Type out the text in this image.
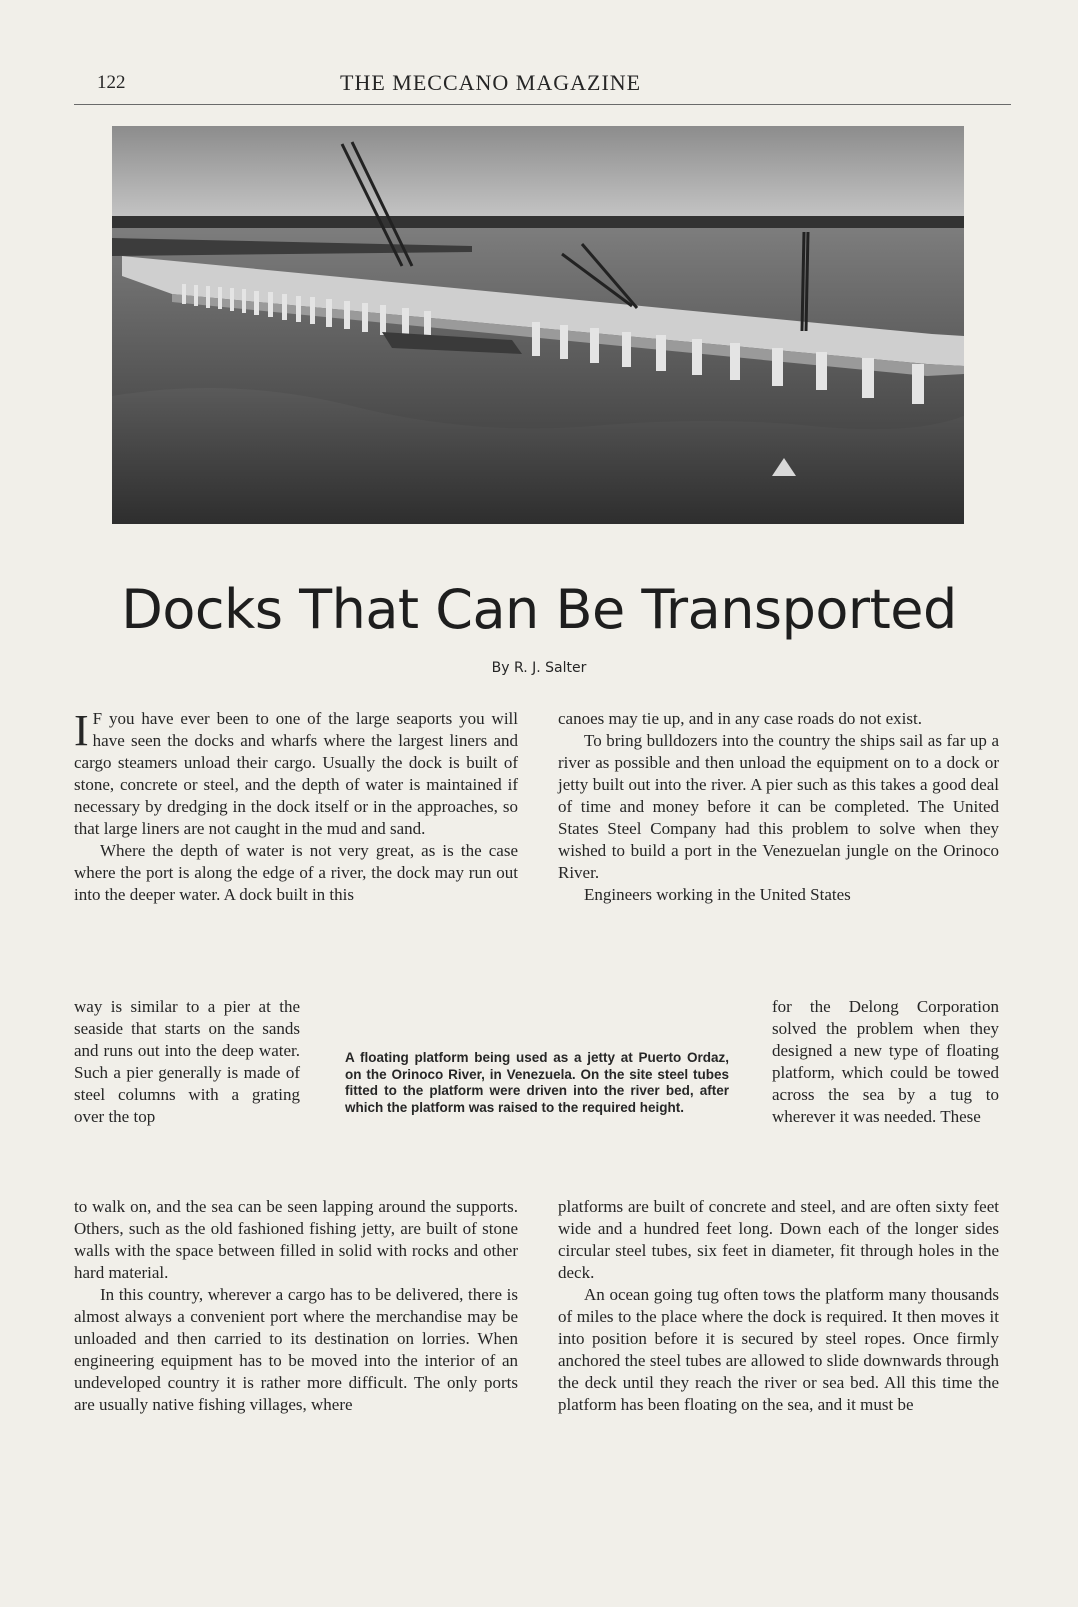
122	THE MECCANO MAGAZINE
Docks That Can Be Transported
By R. J. Salter

I F you have ever been to one of the large seaports you will have seen the docks and wharfs where the largest liners and cargo steamers unload their cargo. Usually the dock is built of stone, concrete or steel, and the depth of water is maintained if necessary by dredging in the dock itself or in the approaches, so that large liners are not caught in the mud and sand.

Where the depth of water is not very great, as is the case where the port is along the edge of a river, the dock may run out into the deeper water. A dock built in this

way is similar to a pier at the seaside that starts on the sands and runs out into the deep water. Such a pier generally is made of steel columns with a grating over the top
A floating platform being used as a jetty at Puerto Ordaz, on the Orinoco River, in Venezuela. On the site steel tubes fitted to the platform were driven into the river bed, after which the platform was raised to the required height.

canoes may tie up, and in any case roads do not exist.

To bring bulldozers into the country the ships sail as far up a river as possible and then unload the equipment on to a dock or jetty built out into the river. A pier such as this takes a good deal of time and money before it can be completed. The United States Steel Company had this problem to solve when they wished to build a port in the Venezuelan jungle on the Orinoco River.

Engineers working in the United States

for the Delong Corporation solved the problem when they designed a new type of floating platform, which could be towed across the sea by a tug to wherever it was needed. These

to walk on, and the sea can be seen lapping around the supports. Others, such as the old fashioned fishing jetty, are built of stone walls with the space between filled in solid with rocks and other hard material.

In this country, wherever a cargo has to be delivered, there is almost always a convenient port where the merchandise may be unloaded and then carried to its destination on lorries. When engineering equipment has to be moved into the interior of an undeveloped country it is rather more difficult. The only ports are usually native fishing villages, where

platforms are built of concrete and steel, and are often sixty feet wide and a hundred feet long. Down each of the longer sides circular steel tubes, six feet in diameter, fit through holes in the deck.

An ocean going tug often tows the platform many thousands of miles to the place where the dock is required. It then moves it into position before it is secured by steel ropes. Once firmly anchored the steel tubes are allowed to slide downwards through the deck until they reach the river or sea bed. All this time the platform has been floating on the sea, and it must be
